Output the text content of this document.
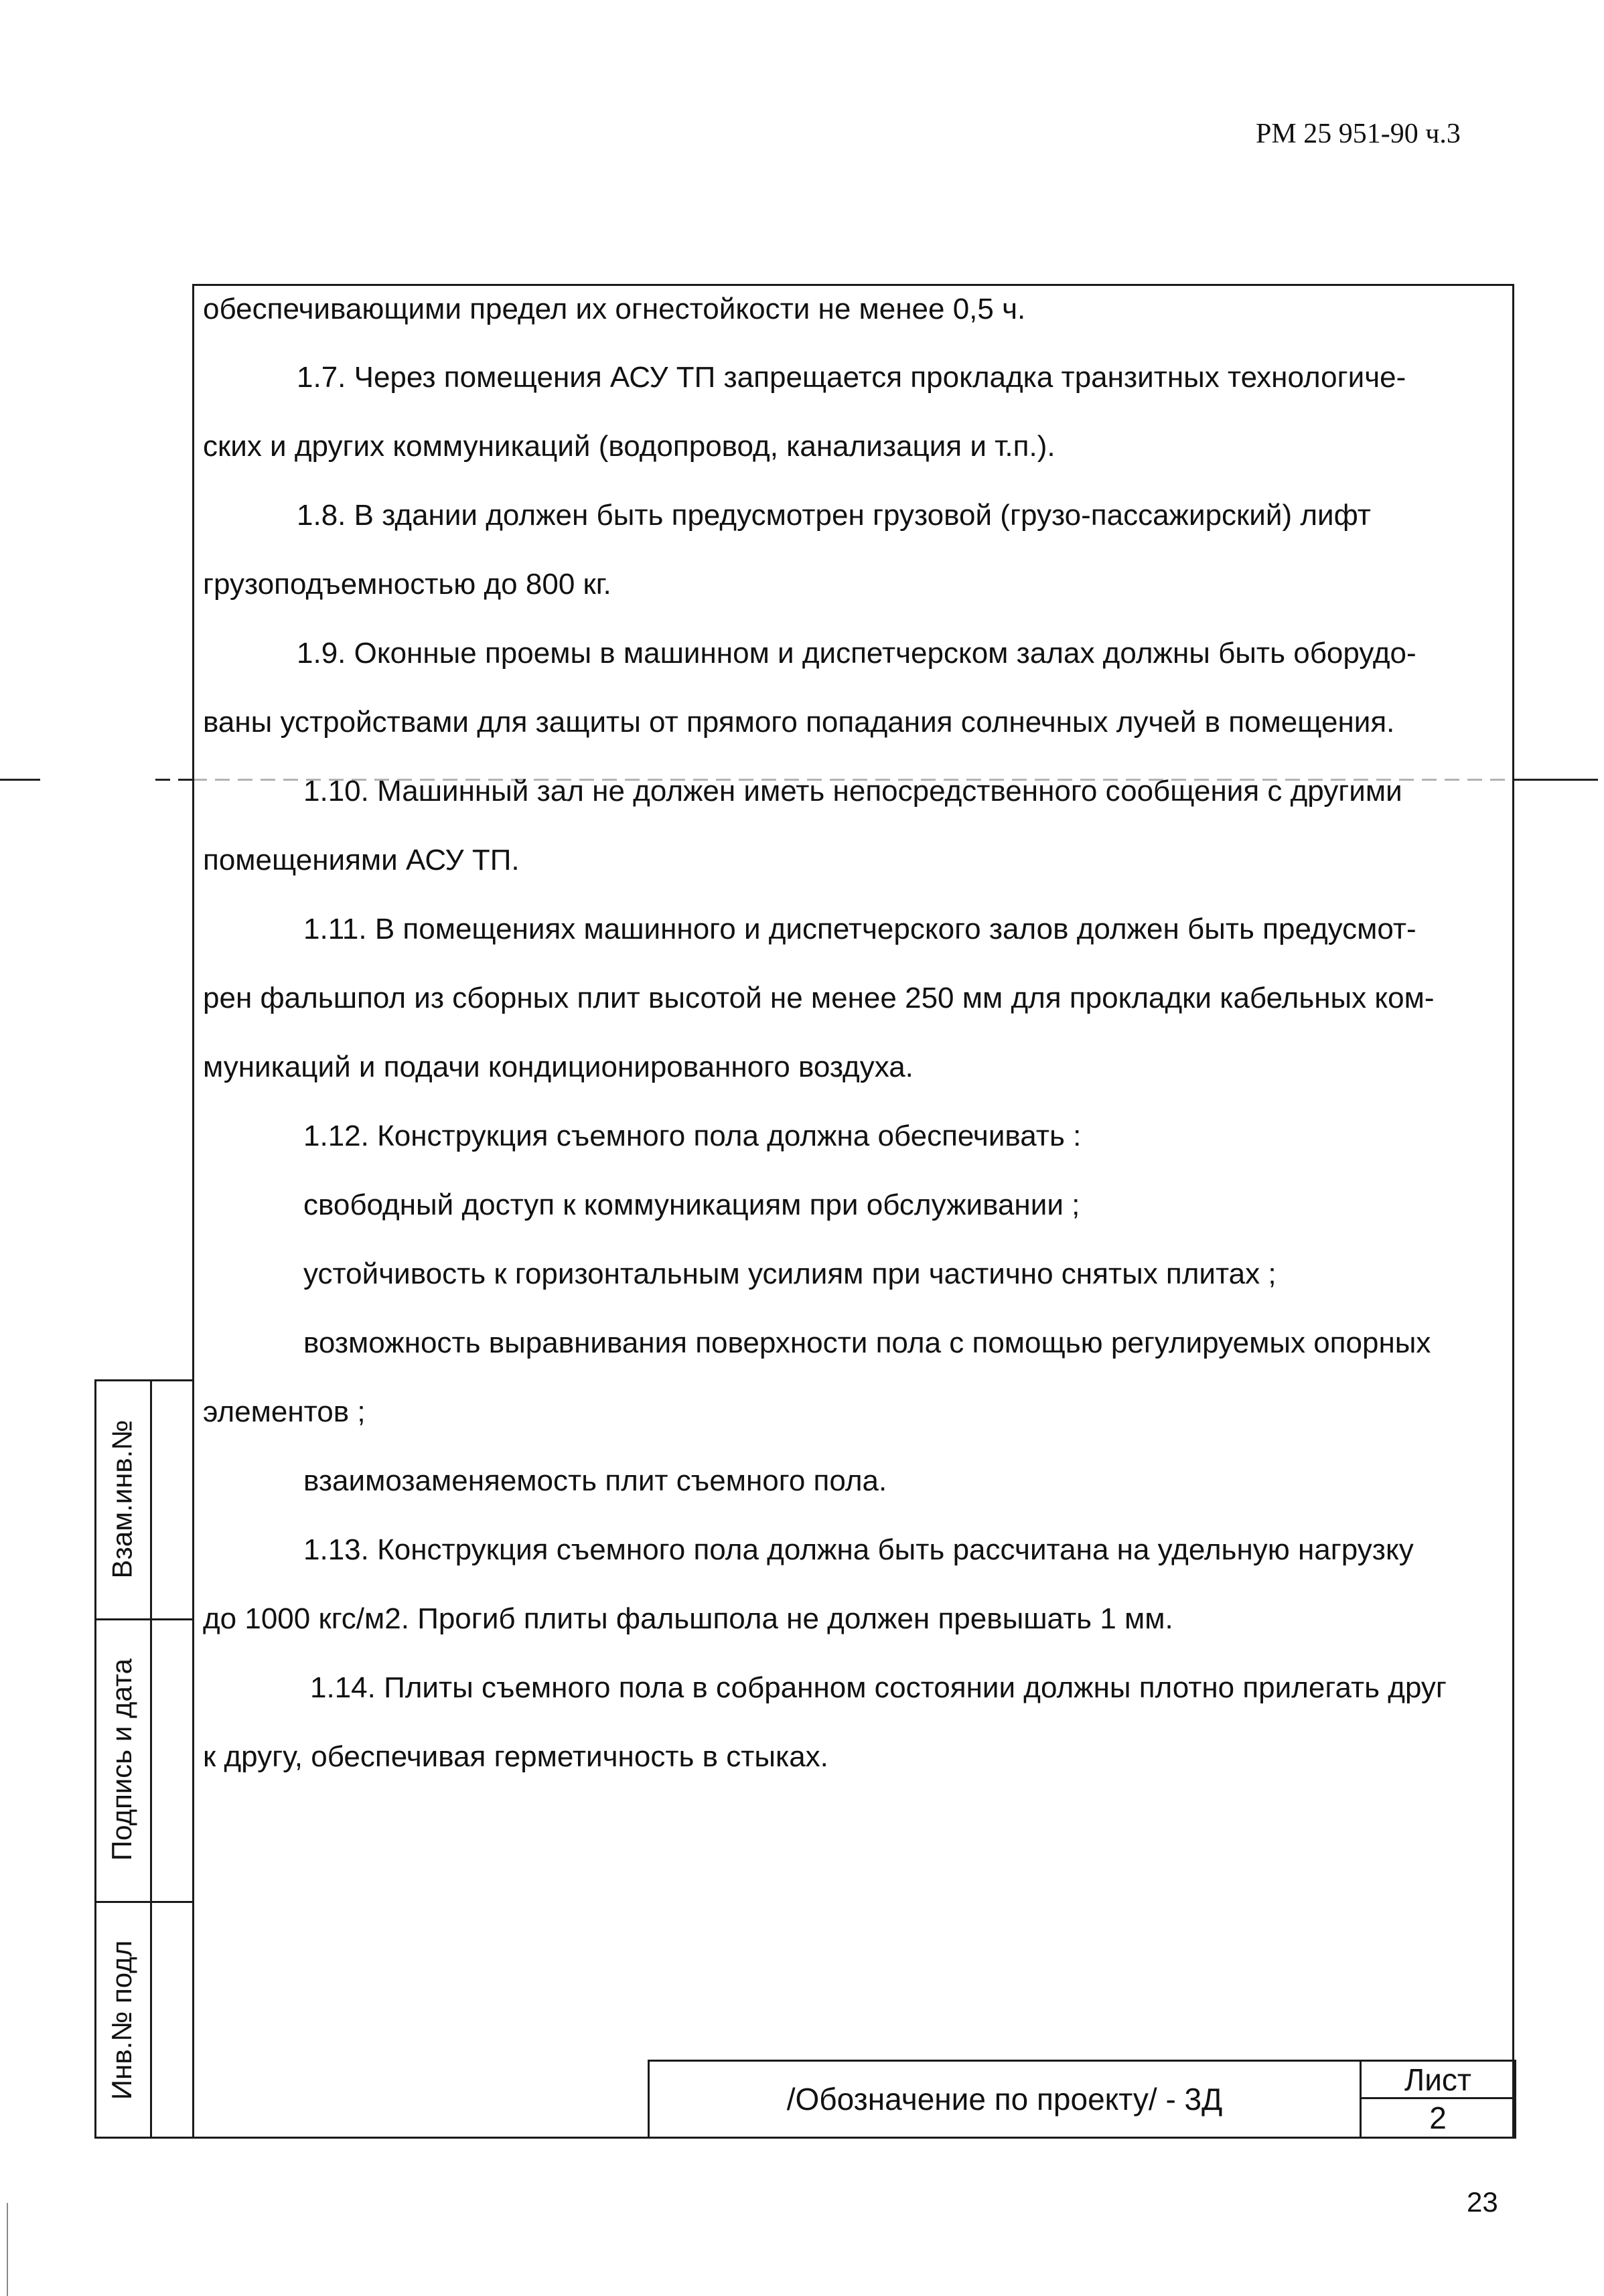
РМ 25 951-90 ч.3
обеспечивающими предел их огнестойкости не менее 0,5 ч.
1.7. Через помещения АСУ ТП запрещается прокладка транзитных технологиче-
ских и других коммуникаций (водопровод, канализация и т.п.).
1.8. В здании должен быть предусмотрен грузовой (грузо-пассажирский) лифт
грузоподъемностью до 800 кг.
1.9. Оконные проемы в машинном и диспетчерском залах должны быть оборудо-
ваны устройствами для защиты от прямого попадания солнечных лучей в помещения.
1.10. Машинный зал не должен иметь непосредственного сообщения с другими
помещениями АСУ ТП.
1.11. В помещениях машинного и диспетчерского залов должен быть предусмот-
рен фальшпол из сборных плит высотой не менее 250 мм для прокладки кабельных ком-
муникаций и подачи кондиционированного воздуха.
1.12. Конструкция съемного пола должна обеспечивать :
свободный доступ к коммуникациям при обслуживании ;
устойчивость к горизонтальным усилиям при частично снятых плитах ;
возможность выравнивания поверхности пола с помощью регулируемых опорных
элементов ;
взаимозаменяемость плит съемного пола.
1.13. Конструкция съемного пола должна быть рассчитана на удельную нагрузку
до 1000 кгс/м2. Прогиб плиты фальшпола не должен превышать 1 мм.
1.14. Плиты съемного пола в собранном состоянии должны плотно прилегать друг
к другу, обеспечивая герметичность в стыках.
Взам.инв.№
Подпись и дата
Инв.№ подл	/Обозначение по проекту/ - 3Д
Лист
2
23
